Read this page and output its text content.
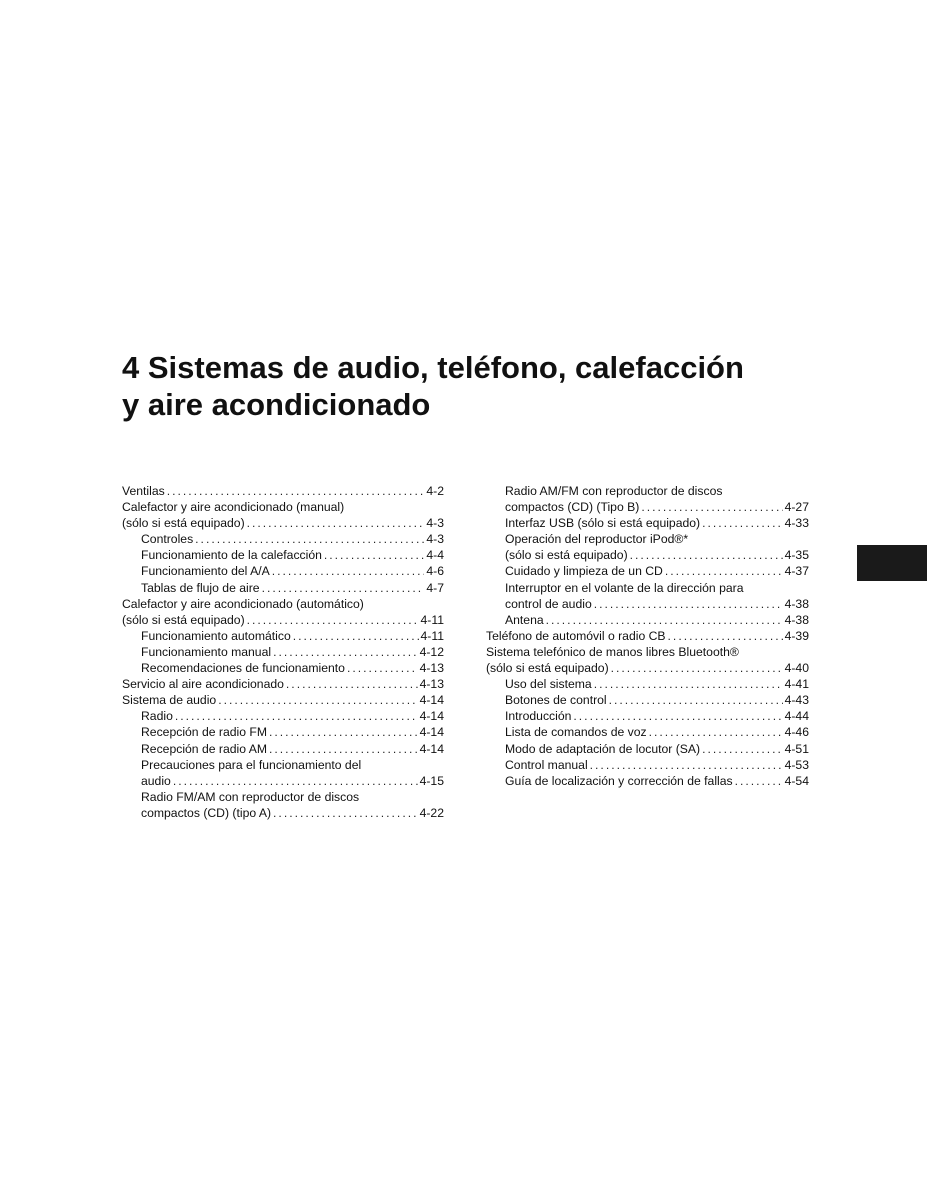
4 Sistemas de audio, teléfono, calefacción
y aire acondicionado
Ventilas .....	4-2
Calefactor y aire acondicionado (manual)
(sólo si está equipado) .....	4-3
Controles .....	4-3
Funcionamiento de la calefacción .....	4-4
Funcionamiento del A/A .....	4-6
Tablas de flujo de aire .....	4-7
Calefactor y aire acondicionado (automático)
(sólo si está equipado) .....	4-11
Funcionamiento automático .....	4-11
Funcionamiento manual .....	4-12
Recomendaciones de funcionamiento .....	4-13
Servicio al aire acondicionado .....	4-13
Sistema de audio .....	4-14
Radio .....	4-14
Recepción de radio FM .....	4-14
Recepción de radio AM .....	4-14
Precauciones para el funcionamiento del
audio .....	4-15
Radio FM/AM con reproductor de discos
compactos (CD) (tipo A) .....	4-22
Radio AM/FM con reproductor de discos
compactos (CD) (Tipo B) .....	4-27
Interfaz USB (sólo si está equipado) .....	4-33
Operación del reproductor iPod®*
(sólo si está equipado) .....	4-35
Cuidado y limpieza de un CD .....	4-37
Interruptor en el volante de la dirección para
control de audio .....	4-38
Antena .....	4-38
Teléfono de automóvil o radio CB .....	4-39
Sistema telefónico de manos libres Bluetooth®
(sólo si está equipado) .....	4-40
Uso del sistema .....	4-41
Botones de control .....	4-43
Introducción .....	4-44
Lista de comandos de voz .....	4-46
Modo de adaptación de locutor (SA) .....	4-51
Control manual .....	4-53
Guía de localización y corrección de fallas .....	4-54
